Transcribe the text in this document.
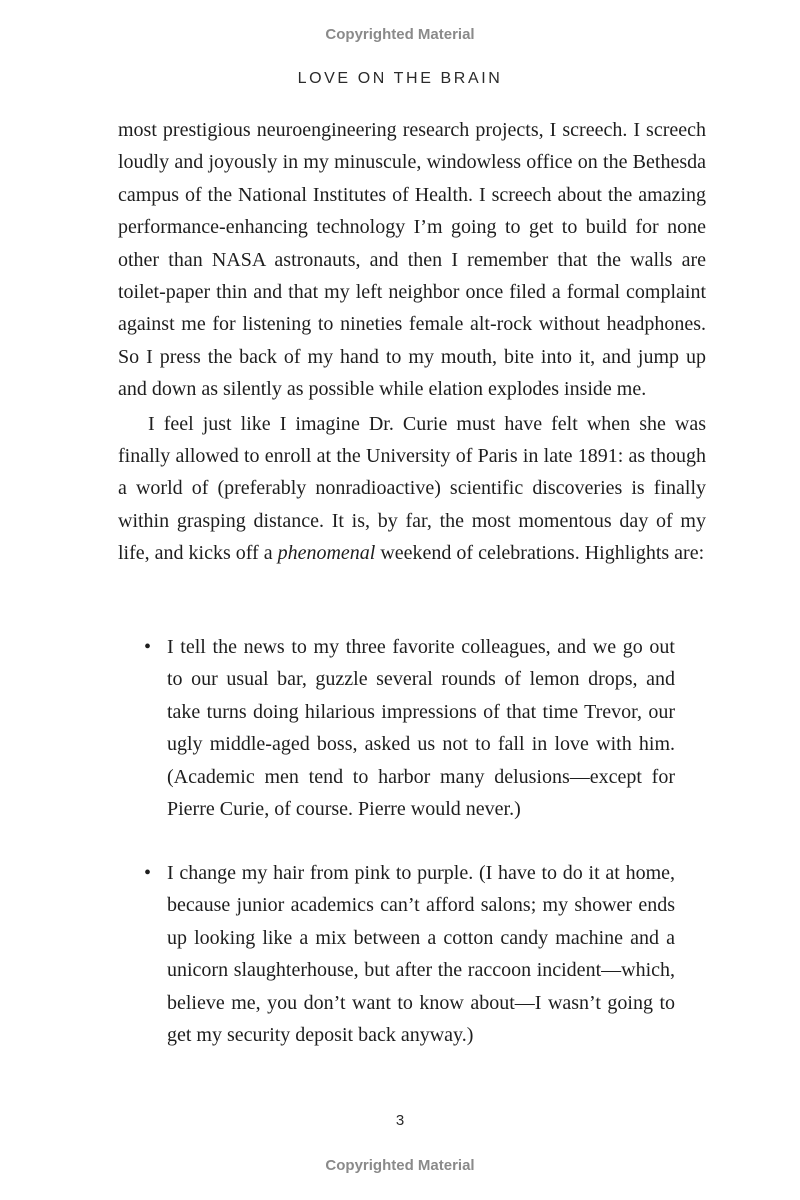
Copyrighted Material
LOVE ON THE BRAIN

most prestigious neuroengineering research projects, I screech. I screech loudly and joyously in my minuscule, windowless office on the Bethesda campus of the National Institutes of Health. I screech about the amazing performance-enhancing technology I’m going to get to build for none other than NASA astronauts, and then I remember that the walls are toilet-paper thin and that my left neighbor once filed a formal complaint against me for listening to nineties female alt-rock without headphones. So I press the back of my hand to my mouth, bite into it, and jump up and down as silently as possible while elation explodes inside me.

I feel just like I imagine Dr. Curie must have felt when she was finally allowed to enroll at the University of Paris in late 1891: as though a world of (preferably nonradioactive) scientific discoveries is finally within grasping distance. It is, by far, the most momentous day of my life, and kicks off a phenomenal weekend of celebrations. Highlights are:

• I tell the news to my three favorite colleagues, and we go out to our usual bar, guzzle several rounds of lemon drops, and take turns doing hilarious impressions of that time Trevor, our ugly middle-aged boss, asked us not to fall in love with him. (Academic men tend to harbor many delusions—except for Pierre Curie, of course. Pierre would never.)
• I change my hair from pink to purple. (I have to do it at home, because junior academics can’t afford salons; my shower ends up looking like a mix between a cotton candy machine and a unicorn slaughterhouse, but after the raccoon incident—which, believe me, you don’t want to know about—I wasn’t going to get my security deposit back anyway.)
3
Copyrighted Material
